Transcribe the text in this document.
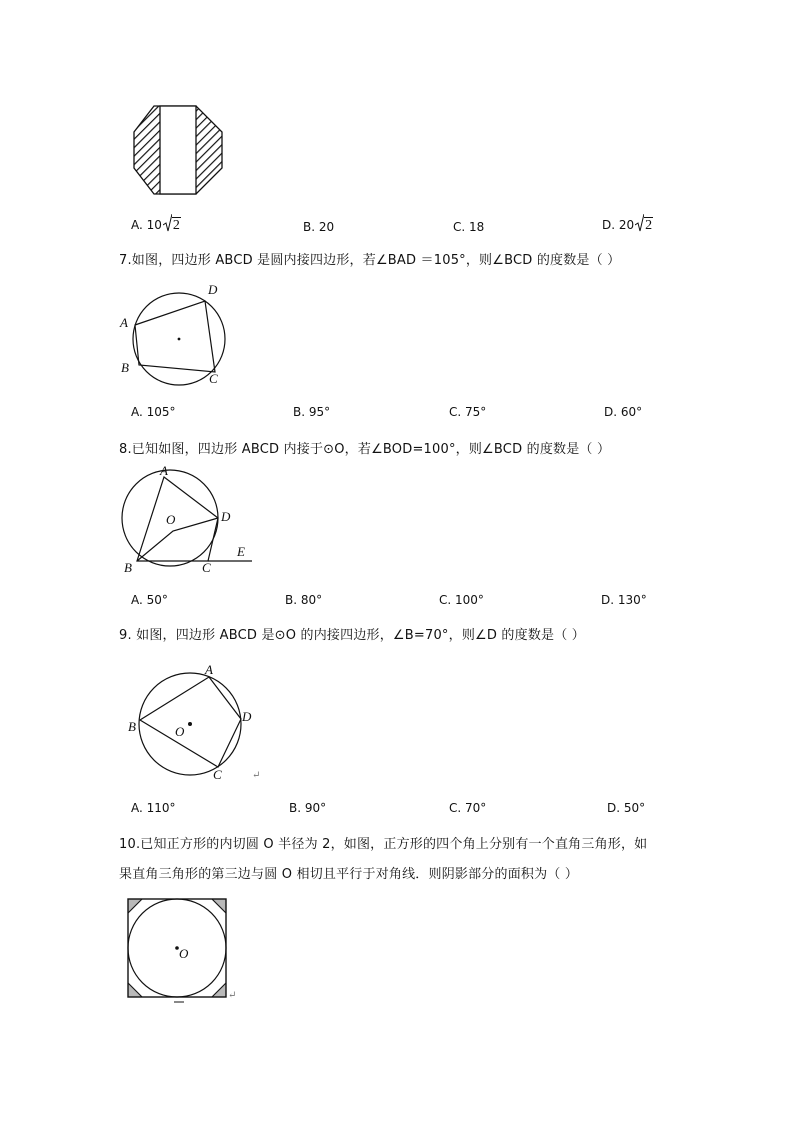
A. 10 2	B. 20	C. 18	D. 20 2
7.如图，四边形 ABCD 是圆内接四边形，若∠BAD ＝105°，则∠BCD 的度数是（ ）
A
D
B
C
A. 105°	B. 95°	C. 75°	D. 60°
8.已知如图，四边形 ABCD 内接于⊙O，若∠BOD=100°，则∠BCD 的度数是（ ）
A
O	D
E
B	C
A. 50°	B. 80°	C. 100°	D. 130°
9. 如图，四边形 ABCD 是⊙O 的内接四边形，∠B=70°，则∠D 的度数是（ ）
A
B	O
D
C	↵
A. 110°	B. 90°	C. 70°	D. 50°
10.已知正方形的内切圆 O 半径为 2，如图，正方形的四个角上分别有一个直角三角形，如
果直角三角形的第三边与圆 O 相切且平行于对角线．则阴影部分的面积为（ ）
O
↵
